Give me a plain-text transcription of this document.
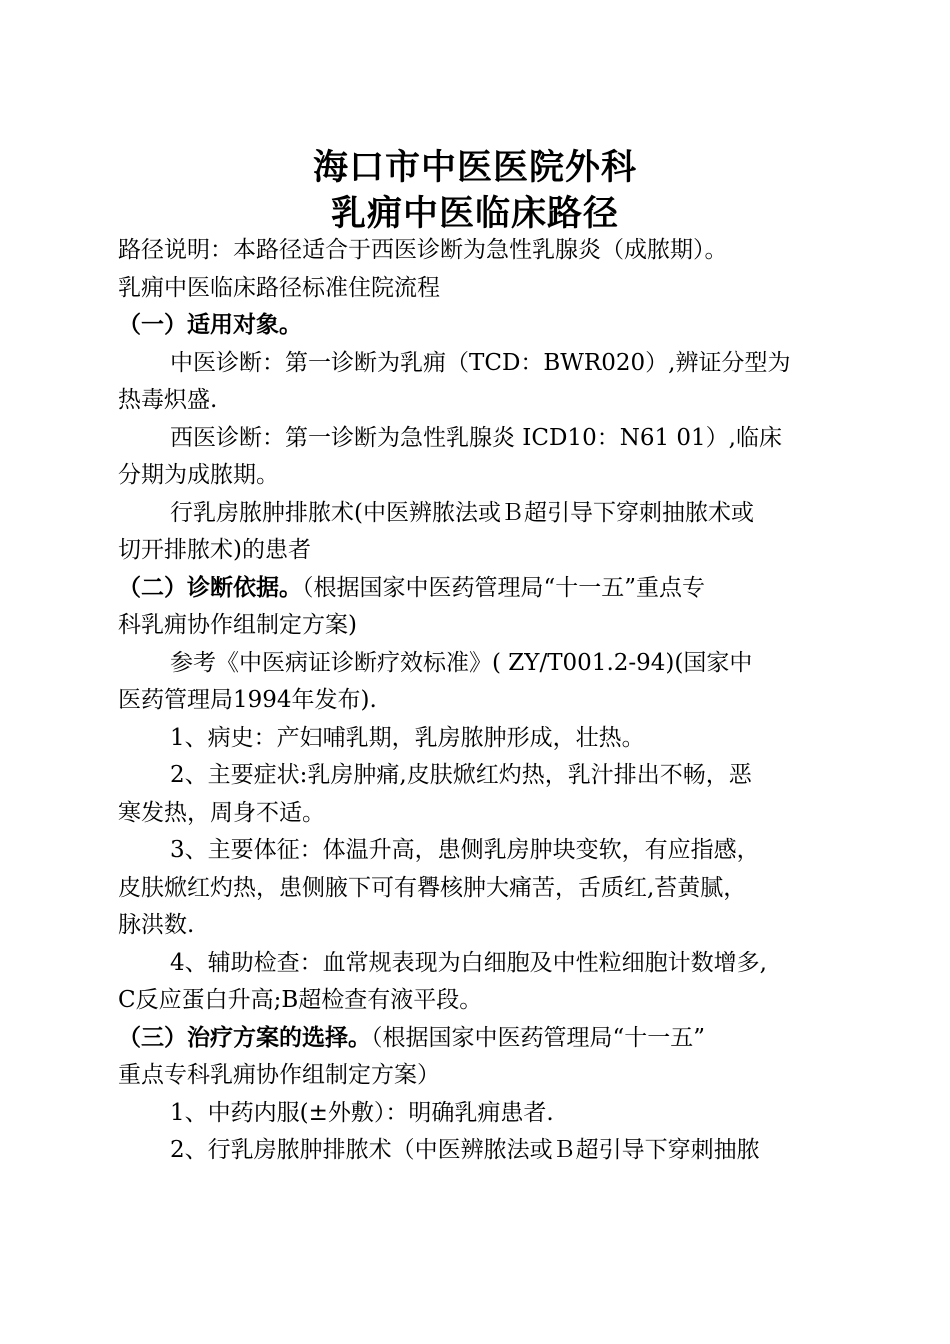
海口市中医医院外科
乳痈中医临床路径
路径说明：本路径适合于西医诊断为急性乳腺炎（成脓期）。
乳痈中医临床路径标准住院流程
（一）适用对象。
中医诊断：第一诊断为乳痈（TCD：BWR020）,辨证分型为
热毒炽盛.
西医诊断：第一诊断为急性乳腺炎 ICD10：N61 01）,临床
分期为成脓期。
行乳房脓肿排脓术(中医辨脓法或Ｂ超引导下穿刺抽脓术或
切开排脓术)的患者
（二）诊断依据。（根据国家中医药管理局“十一五”重点专
科乳痈协作组制定方案)
参考《中医病证诊断疗效标准》( ZY/T001.2-94)(国家中
医药管理局1994年发布).
1、病史：产妇哺乳期，乳房脓肿形成，壮热。
2、主要症状:乳房肿痛,皮肤焮红灼热，乳汁排出不畅，恶
寒发热，周身不适。
3、主要体征：体温升高，患侧乳房肿块变软，有应指感，
皮肤焮红灼热，患侧腋下可有臖核肿大痛苦，舌质红,苔黄腻，
脉洪数.
4、辅助检查：血常规表现为白细胞及中性粒细胞计数增多,
C反应蛋白升高;B超检查有液平段。
（三）治疗方案的选择。（根据国家中医药管理局“十一五”
重点专科乳痈协作组制定方案）
1、中药内服(±外敷）：明确乳痈患者.
2、行乳房脓肿排脓术（中医辨脓法或Ｂ超引导下穿刺抽脓
